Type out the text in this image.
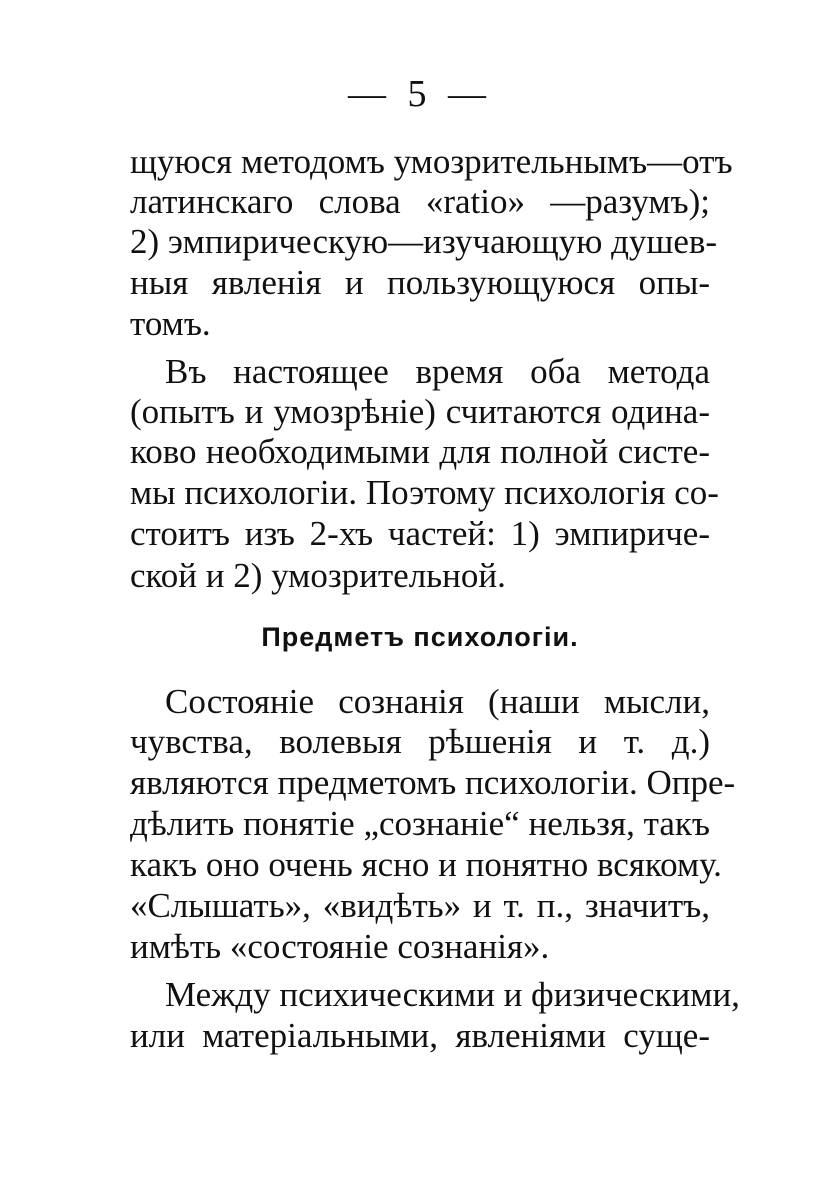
— 5 —
щуюся методомъ умозрительнымъ—отъ
латинскаго слова «ratio» —разумъ);
2) эмпирическую—изучающую душев-
ныя явленія и пользующуюся опы-
томъ.
Въ настоящее время оба метода
(опытъ и умозрѣніе) считаются одина-
ково необходимыми для полной систе-
мы психологіи. Поэтому психологія со-
стоитъ изъ 2-хъ частей: 1) эмпириче-
ской и 2) умозрительной.
Предметъ психологіи.
Состояніе сознанія (наши мысли,
чувства, волевыя рѣшенія и т. д.)
являются предметомъ психологіи. Опре-
дѣлить понятіе „сознаніе“ нельзя, такъ
какъ оно очень ясно и понятно всякому.
«Слышать», «видѣть» и т. п., значитъ,
имѣть «состояніе сознанія».
Между психическими и физическими,
или матеріальными, явленіями суще-
